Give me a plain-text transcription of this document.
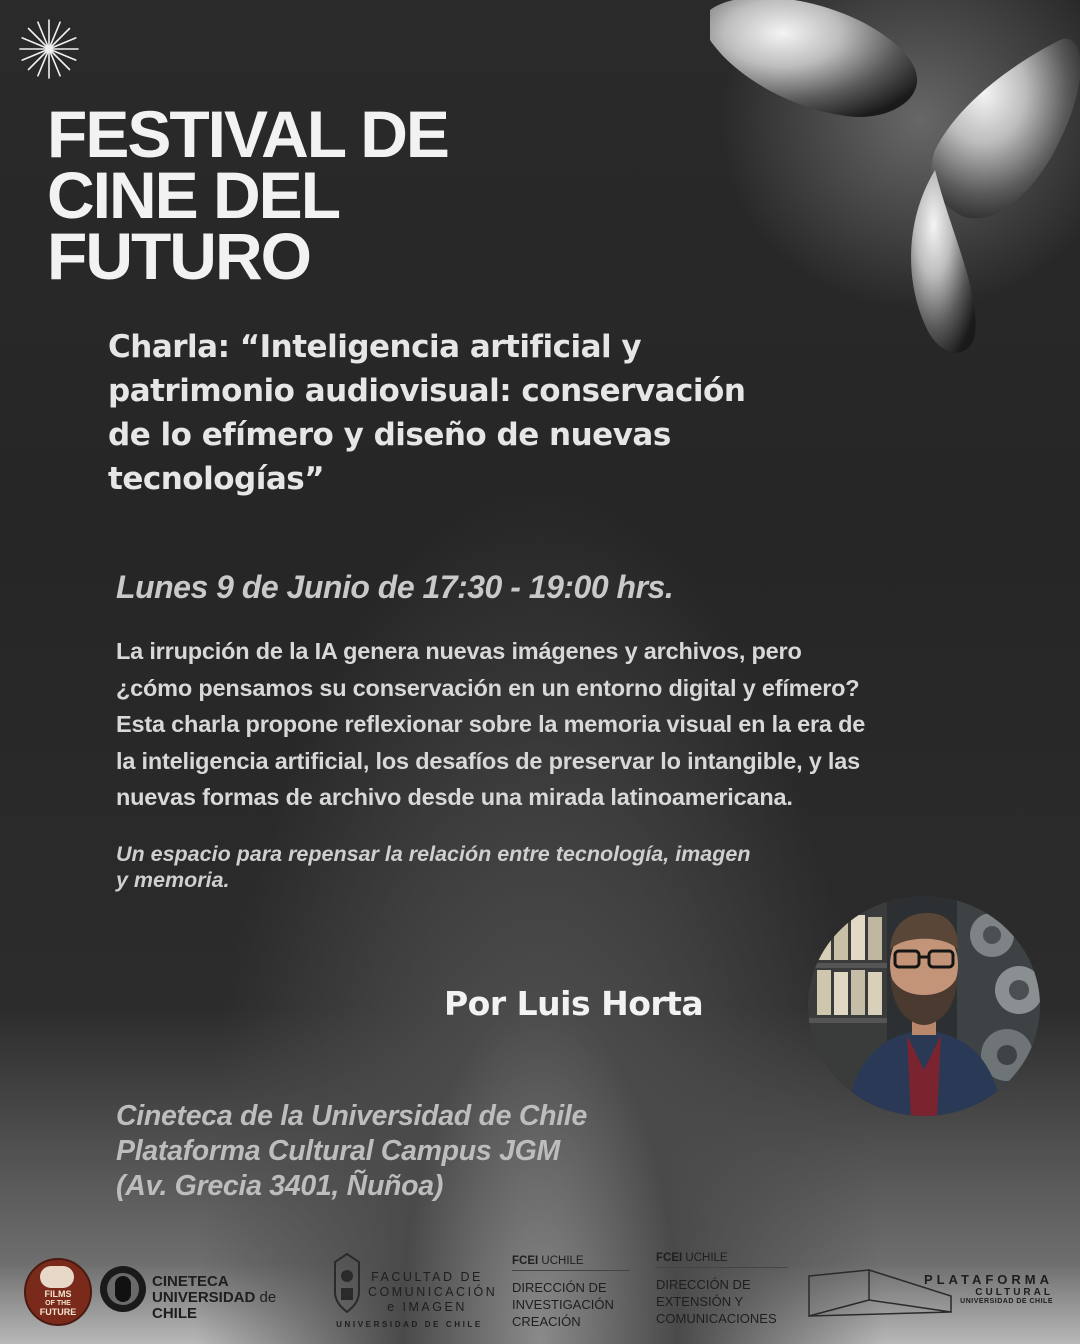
FESTIVAL DE
CINE DEL
FUTURO
Charla: “Inteligencia artificial y
patrimonio audiovisual: conservación
de lo efímero y diseño de nuevas
tecnologías”
Lunes 9 de Junio de 17:30 - 19:00 hrs.
La irrupción de la IA genera nuevas imágenes y archivos, pero
¿cómo pensamos su conservación en un entorno digital y efímero?
Esta charla propone reflexionar sobre la memoria visual en la era de
la inteligencia artificial, los desafíos de preservar lo intangible, y las
nuevas formas de archivo desde una mirada latinoamericana.
Un espacio para repensar la relación entre tecnología, imagen
y memoria.
Por Luis Horta
Cineteca de la Universidad de Chile
Plataforma Cultural Campus JGM
(Av. Grecia 3401, Ñuñoa)
FILMS
OF THE
FUTURE
CINETECA
UNIVERSIDAD de CHILE
FACULTAD DE
COMUNICACIÓN
e IMAGEN
UNIVERSIDAD DE CHILE
FCEI UCHILE
DIRECCIÓN DE
INVESTIGACIÓN
CREACIÓN
FCEI UCHILE
DIRECCIÓN DE
EXTENSIÓN Y
COMUNICACIONES
PLATAFORMA
CULTURAL
UNIVERSIDAD DE CHILE
